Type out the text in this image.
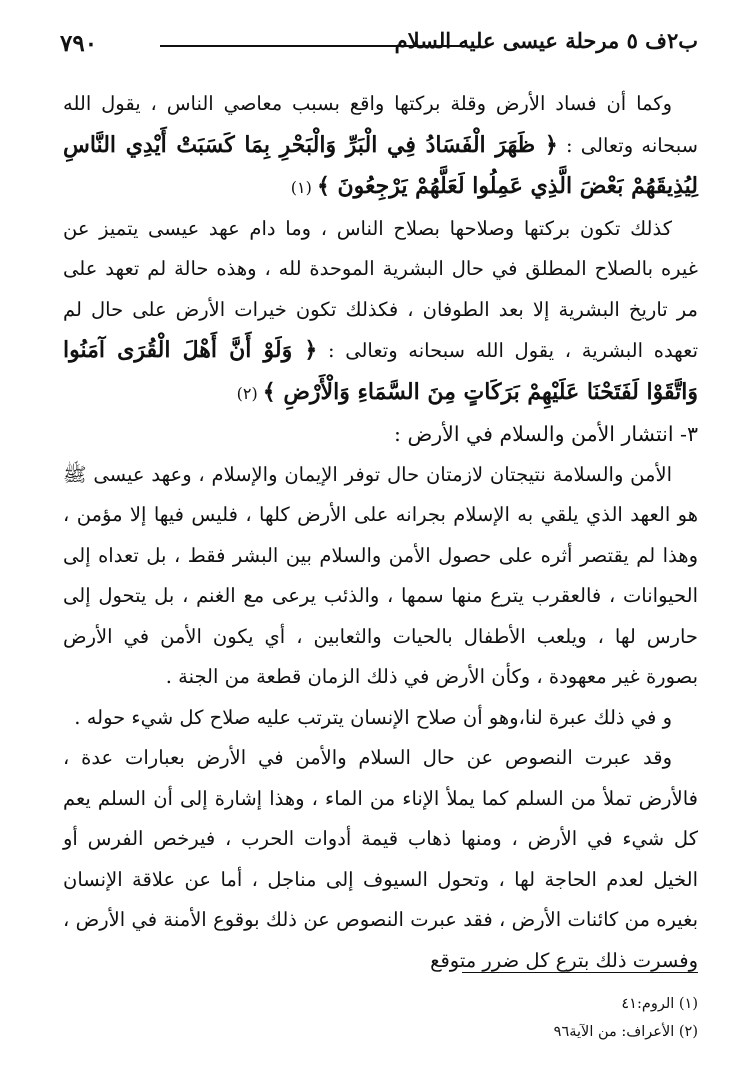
ب٢ف ٥ مرحلة عيسى عليه السلام
٧٩٠

وكما أن فساد الأرض وقلة بركتها واقع بسبب معاصي الناس ، يقول الله سبحانه وتعالى : ﴿ ظَهَرَ الْفَسَادُ فِي الْبَرِّ وَالْبَحْرِ بِمَا كَسَبَتْ أَيْدِي النَّاسِ لِيُذِيقَهُمْ بَعْضَ الَّذِي عَمِلُوا لَعَلَّهُمْ يَرْجِعُونَ ﴾ (١)

كذلك تكون بركتها وصلاحها بصلاح الناس ، وما دام عهد عيسى يتميز عن غيره بالصلاح المطلق في حال البشرية الموحدة لله ، وهذه حالة لم تعهد على مر تاريخ البشرية إلا بعد الطوفان ، فكذلك تكون خيرات الأرض على حال لم تعهده البشرية ، يقول الله سبحانه وتعالى : ﴿ وَلَوْ أَنَّ أَهْلَ الْقُرَى آمَنُوا وَاتَّقَوْا لَفَتَحْنَا عَلَيْهِمْ بَرَكَاتٍ مِنَ السَّمَاءِ وَالْأَرْضِ ﴾ (٢)

٣- انتشار الأمن والسلام في الأرض :

الأمن والسلامة نتيجتان لازمتان حال توفر الإيمان والإسلام ، وعهد عيسى ﷺ هو العهد الذي يلقي به الإسلام بجرانه على الأرض كلها ، فليس فيها إلا مؤمن ، وهذا لم يقتصر أثره على حصول الأمن والسلام بين البشر فقط ، بل تعداه إلى الحيوانات ، فالعقرب يترع منها سمها ، والذئب يرعى مع الغنم ، بل يتحول إلى حارس لها ، ويلعب الأطفال بالحيات والثعابين ، أي يكون الأمن في الأرض بصورة غير معهودة ، وكأن الأرض في ذلك الزمان قطعة من الجنة .

و في ذلك عبرة لنا،وهو أن صلاح الإنسان يترتب عليه صلاح كل شيء حوله .

وقد عبرت النصوص عن حال السلام والأمن في الأرض بعبارات عدة ، فالأرض تملأ من السلم كما يملأ الإناء من الماء ، وهذا إشارة إلى أن السلم يعم كل شيء في الأرض ، ومنها ذهاب قيمة أدوات الحرب ، فيرخص الفرس أو الخيل لعدم الحاجة لها ، وتحول السيوف إلى مناجل ، أما عن علاقة الإنسان بغيره من كائنات الأرض ، فقد عبرت النصوص عن ذلك بوقوع الأمنة في الأرض ، وفسرت ذلك بترع كل ضرر متوقع

(١) الروم:٤١

(٢) الأعراف: من الآية٩٦
